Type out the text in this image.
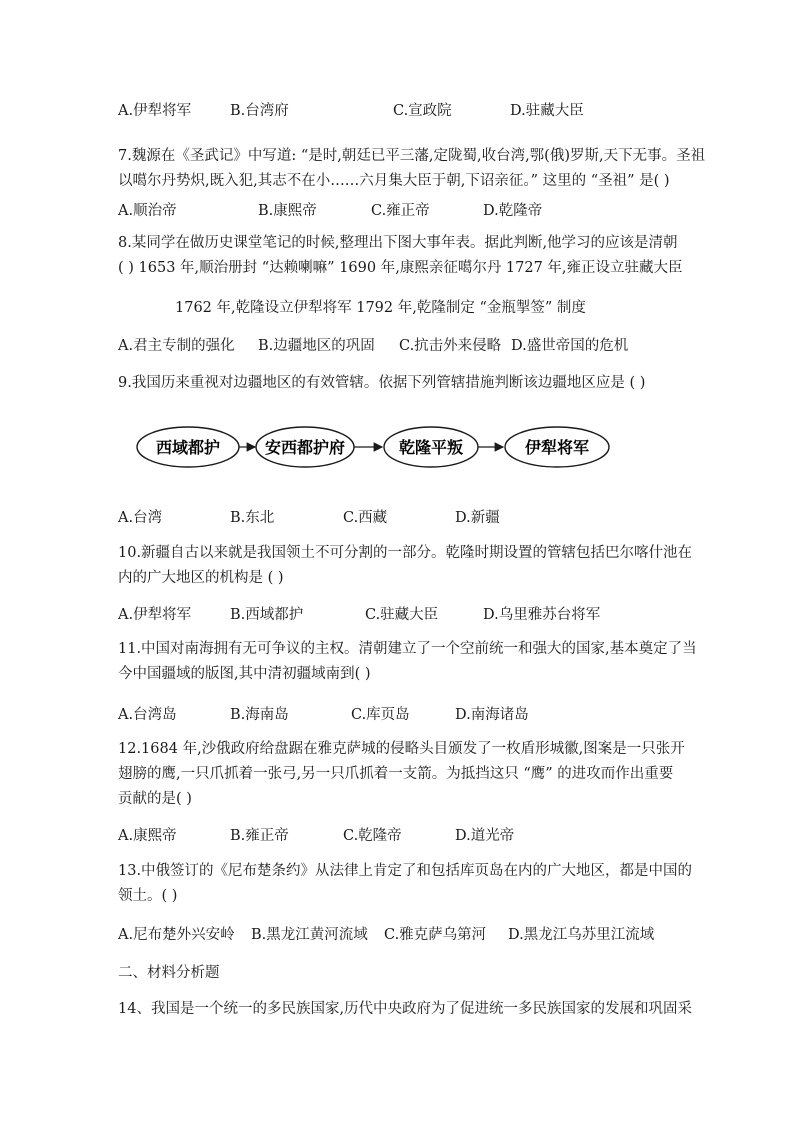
A.伊犁将军	B.台湾府	C.宣政院	D.驻藏大臣
7.魏源在《圣武记》中写道: “是时,朝廷已平三藩,定陇蜀,收台湾,鄂(俄)罗斯,天下无事。圣祖
以噶尔丹势炽,既入犯,其志不在小……六月集大臣于朝,下诏亲征。” 这里的 “圣祖” 是( )
A.顺治帝	B.康熙帝	C.雍正帝	D.乾隆帝
8.某同学在做历史课堂笔记的时候,整理出下图大事年表。据此判断,他学习的应该是清朝
( ) 1653 年,顺治册封 “达赖喇嘛” 1690 年,康熙亲征噶尔丹 1727 年,雍正设立驻藏大臣
1762 年,乾隆设立伊犁将军 1792 年,乾隆制定 “金瓶掣签” 制度
A.君主专制的强化 B.边疆地区的巩固 C.抗击外来侵略 D.盛世帝国的危机
9.我国历来重视对边疆地区的有效管辖。依据下列管辖措施判断该边疆地区应是 ( )
西域都护	安西都护府	乾隆平叛	伊犁将军
A.台湾	B.东北	C.西藏	D.新疆
10.新疆自古以来就是我国领土不可分割的一部分。乾隆时期设置的管辖包括巴尔喀什池在
内的广大地区的机构是 ( )
A.伊犁将军	B.西域都护	C.驻藏大臣	D.乌里雅苏台将军
11.中国对南海拥有无可争议的主权。清朝建立了一个空前统一和强大的国家,基本奠定了当
今中国疆域的版图,其中清初疆域南到( )
A.台湾岛	B.海南岛	C.库页岛	D.南海诸岛
12.1684 年,沙俄政府给盘踞在雅克萨城的侵略头目颁发了一枚盾形城徽,图案是一只张开
翅膀的鹰,一只爪抓着一张弓,另一只爪抓着一支箭。为抵挡这只 “鹰” 的进攻而作出重要
贡献的是( )
A.康熙帝	B.雍正帝	C.乾隆帝	D.道光帝
13.中俄签订的《尼布楚条约》从法律上肯定了和包括库页岛在内的广大地区，都是中国的
领土。( )
A.尼布楚外兴安岭 B.黑龙江黄河流域 C.雅克萨乌第河 D.黑龙江乌苏里江流域
二、材料分析题
14、我国是一个统一的多民族国家,历代中央政府为了促进统一多民族国家的发展和巩固采
